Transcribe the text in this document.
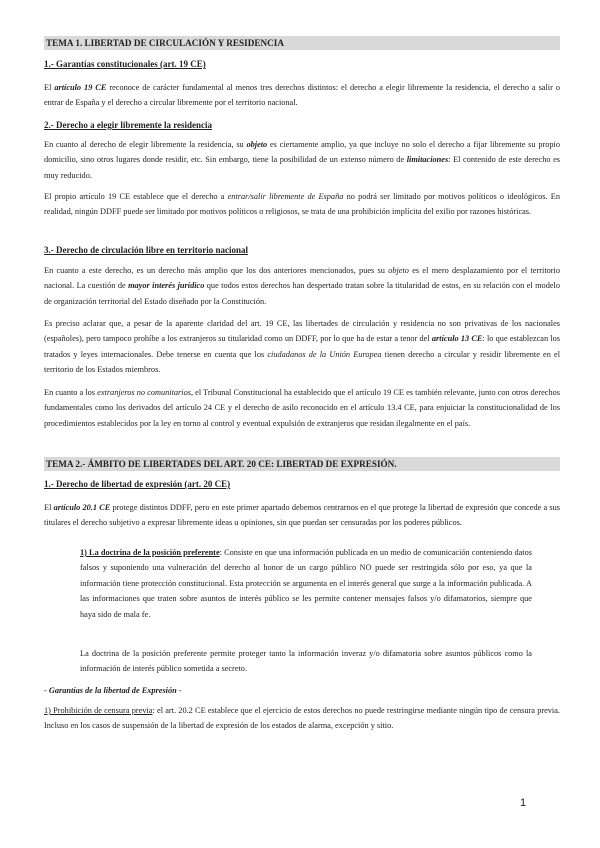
TEMA 1. LIBERTAD DE CIRCULACIÓN Y RESIDENCIA
1.- Garantías constitucionales (art. 19 CE)
El artículo 19 CE reconoce de carácter fundamental al menos tres derechos distintos: el derecho a elegir libremente la residencia, el derecho a salir o entrar de España y el derecho a circular libremente por el territorio nacional.
2.- Derecho a elegir libremente la residencia
En cuanto al derecho de elegir libremente la residencia, su objeto es ciertamente amplio, ya que incluye no solo el derecho a fijar libremente su propio domicilio, sino otros lugares donde residir, etc. Sin embargo, tiene la posibilidad de un extenso número de limitaciones: El contenido de este derecho es muy reducido.
El propio artículo 19 CE establece que el derecho a entrar/salir libremente de España no podrá ser limitado por motivos políticos o ideológicos. En realidad, ningún DDFF puede ser limitado por motivos políticos o religiosos, se trata de una prohibición implícita del exilio por razones históricas.
3.- Derecho de circulación libre en territorio nacional
En cuanto a este derecho, es un derecho más amplio que los dos anteriores mencionados, pues su objeto es el mero desplazamiento por el territorio nacional. La cuestión de mayor interés jurídico que todos estos derechos han despertado tratan sobre la titularidad de estos, en su relación con el modelo de organización territorial del Estado diseñado por la Constitución.
Es preciso aclarar que, a pesar de la aparente claridad del art. 19 CE, las libertades de circulación y residencia no son privativas de los nacionales (españoles), pero tampoco prohíbe a los extranjeros su titularidad como un DDFF, por lo que ha de estar a tenor del artículo 13 CE: lo que establezcan los tratados y leyes internacionales. Debe tenerse en cuenta que los ciudadanos de la Unión Europea tienen derecho a circular y residir libremente en el territorio de los Estados miembros.
En cuanto a los extranjeros no comunitarios, el Tribunal Constitucional ha establecido que el artículo 19 CE es también relevante, junto con otros derechos fundamentales como los derivados del artículo 24 CE y el derecho de asilo reconocido en el artículo 13.4 CE, para enjuiciar la constitucionalidad de los procedimientos establecidos por la ley en torno al control y eventual expulsión de extranjeros que residan ilegalmente en el país.
TEMA 2.- ÁMBITO DE LIBERTADES DEL ART. 20 CE: LIBERTAD DE EXPRESIÓN.
1.- Derecho de libertad de expresión (art. 20 CE)
El artículo 20.1 CE protege distintos DDFF, pero en este primer apartado debemos centrarnos en el que protege la libertad de expresión que concede a sus titulares el derecho subjetivo a expresar libremente ideas u opiniones, sin que puedan ser censuradas por los poderes públicos.
1) La doctrina de la posición preferente: Consiste en que una información publicada en un medio de comunicación conteniendo datos falsos y suponiendo una vulneración del derecho al honor de un cargo público NO puede ser restringida sólo por eso, ya que la información tiene protección constitucional. Esta protección se argumenta en el interés general que surge a la información publicada. A las informaciones que traten sobre asuntos de interés público se les permite contener mensajes falsos y/o difamatorios, siempre que haya sido de mala fe.
La doctrina de la posición preferente permite proteger tanto la información inveraz y/o difamatoria sobre asuntos públicos como la información de interés público sometida a secreto.
- Garantías de la libertad de Expresión -
1) Prohibición de censura previa: el art. 20.2 CE establece que el ejercicio de estos derechos no puede restringirse mediante ningún tipo de censura previa. Incluso en los casos de suspensión de la libertad de expresión de los estados de alarma, excepción y sitio.
1
